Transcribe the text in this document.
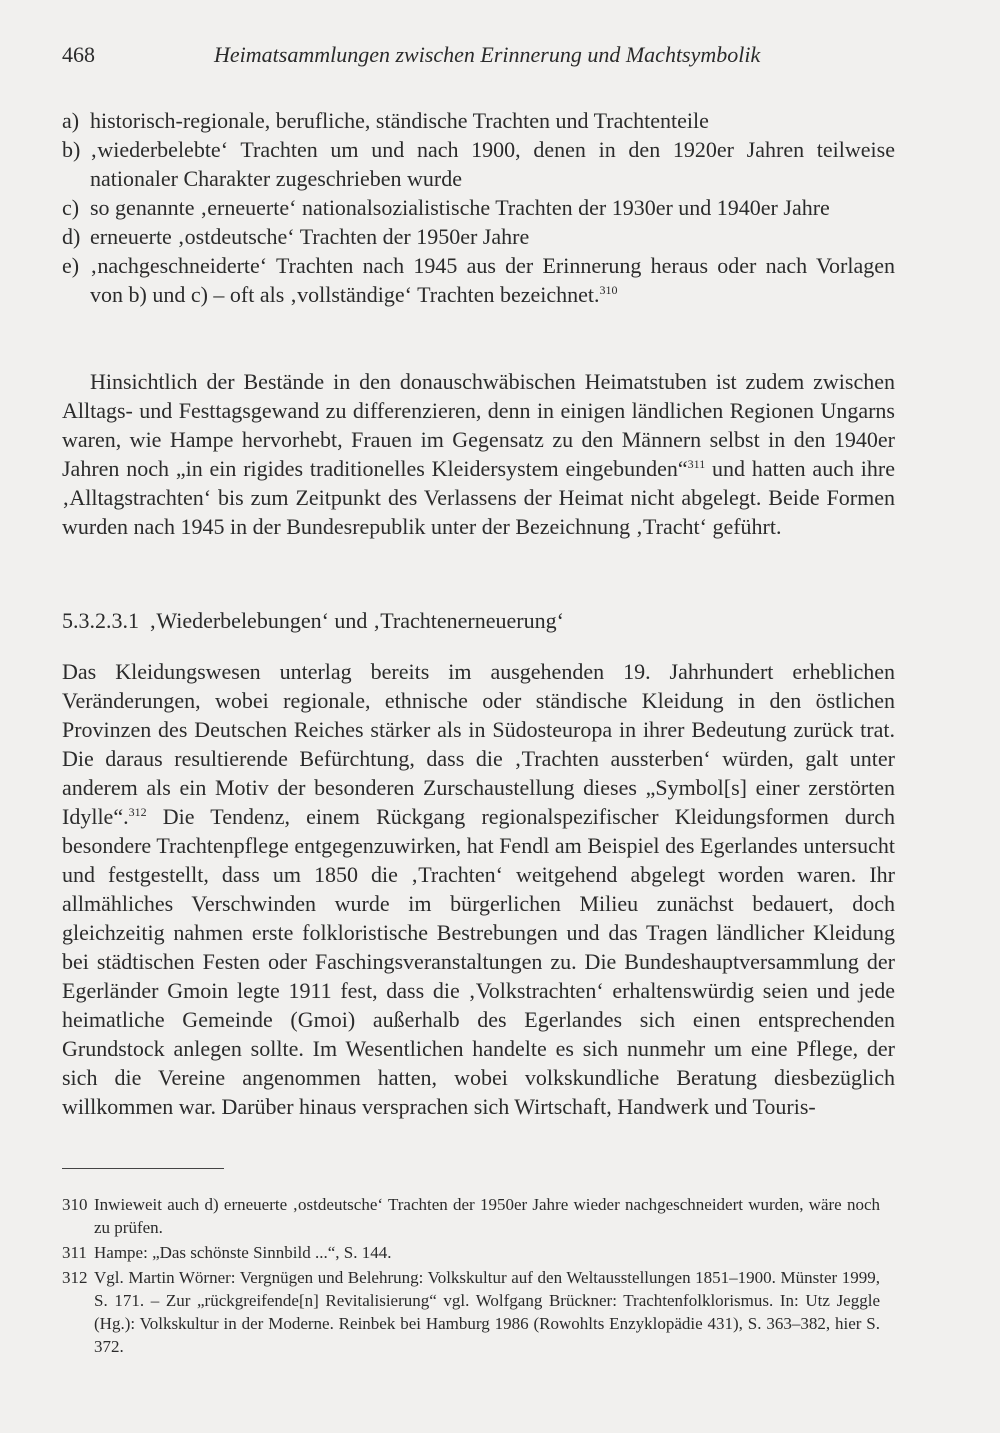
468	Heimatsammlungen zwischen Erinnerung und Machtsymbolik
a) historisch-regionale, berufliche, ständische Trachten und Trachtenteile
b) ‚wiederbelebte‘ Trachten um und nach 1900, denen in den 1920er Jahren teilweise nationaler Charakter zugeschrieben wurde
c) so genannte ‚erneuerte‘ nationalsozialistische Trachten der 1930er und 1940er Jahre
d) erneuerte ‚ostdeutsche‘ Trachten der 1950er Jahre
e) ‚nachgeschneiderte‘ Trachten nach 1945 aus der Erinnerung heraus oder nach Vorlagen von b) und c) – oft als ‚vollständige‘ Trachten bezeichnet.$^{310}$
Hinsichtlich der Bestände in den donauschwäbischen Heimatstuben ist zudem zwischen Alltags- und Festtagsgewand zu differenzieren, denn in einigen ländlichen Regionen Ungarns waren, wie Hampe hervorhebt, Frauen im Gegensatz zu den Männern selbst in den 1940er Jahren noch „in ein rigides traditionelles Kleidersystem eingebunden“$^{311}$ und hatten auch ihre ‚Alltagstrachten‘ bis zum Zeitpunkt des Verlassens der Heimat nicht abgelegt. Beide Formen wurden nach 1945 in der Bundesrepublik unter der Bezeichnung ‚Tracht‘ geführt.
5.3.2.3.1 ‚Wiederbelebungen‘ und ‚Trachtenerneuerung‘
Das Kleidungswesen unterlag bereits im ausgehenden 19. Jahrhundert erheblichen Veränderungen, wobei regionale, ethnische oder ständische Kleidung in den östlichen Provinzen des Deutschen Reiches stärker als in Südosteuropa in ihrer Bedeutung zurück trat. Die daraus resultierende Befürchtung, dass die ‚Trachten aussterben‘ würden, galt unter anderem als ein Motiv der besonderen Zurschaustellung dieses „Symbol[s] einer zerstörten Idylle“.$^{312}$ Die Tendenz, einem Rückgang regionalspezifischer Kleidungsformen durch besondere Trachtenpflege entgegenzuwirken, hat Fendl am Beispiel des Egerlandes untersucht und festgestellt, dass um 1850 die ‚Trachten‘ weitgehend abgelegt worden waren. Ihr allmähliches Verschwinden wurde im bürgerlichen Milieu zunächst bedauert, doch gleichzeitig nahmen erste folkloristische Bestrebungen und das Tragen ländlicher Kleidung bei städtischen Festen oder Faschingsveranstaltungen zu. Die Bundeshauptversammlung der Egerländer Gmoin legte 1911 fest, dass die ‚Volkstrachten‘ erhaltenswürdig seien und jede heimatliche Gemeinde (Gmoi) außerhalb des Egerlandes sich einen entsprechenden Grundstock anlegen sollte. Im Wesentlichen handelte es sich nunmehr um eine Pflege, der sich die Vereine angenommen hatten, wobei volkskundliche Beratung diesbezüglich willkommen war. Darüber hinaus versprachen sich Wirtschaft, Handwerk und Touris-
310 Inwieweit auch d) erneuerte ‚ostdeutsche‘ Trachten der 1950er Jahre wieder nachgeschneidert wurden, wäre noch zu prüfen.
311 Hampe: „Das schönste Sinnbild ...“, S. 144.
312 Vgl. Martin Wörner: Vergnügen und Belehrung: Volkskultur auf den Weltausstellungen 1851–1900. Münster 1999, S. 171. – Zur „rückgreifende[n] Revitalisierung“ vgl. Wolfgang Brückner: Trachtenfolklorismus. In: Utz Jeggle (Hg.): Volkskultur in der Moderne. Reinbek bei Hamburg 1986 (Rowohlts Enzyklopädie 431), S. 363–382, hier S. 372.
